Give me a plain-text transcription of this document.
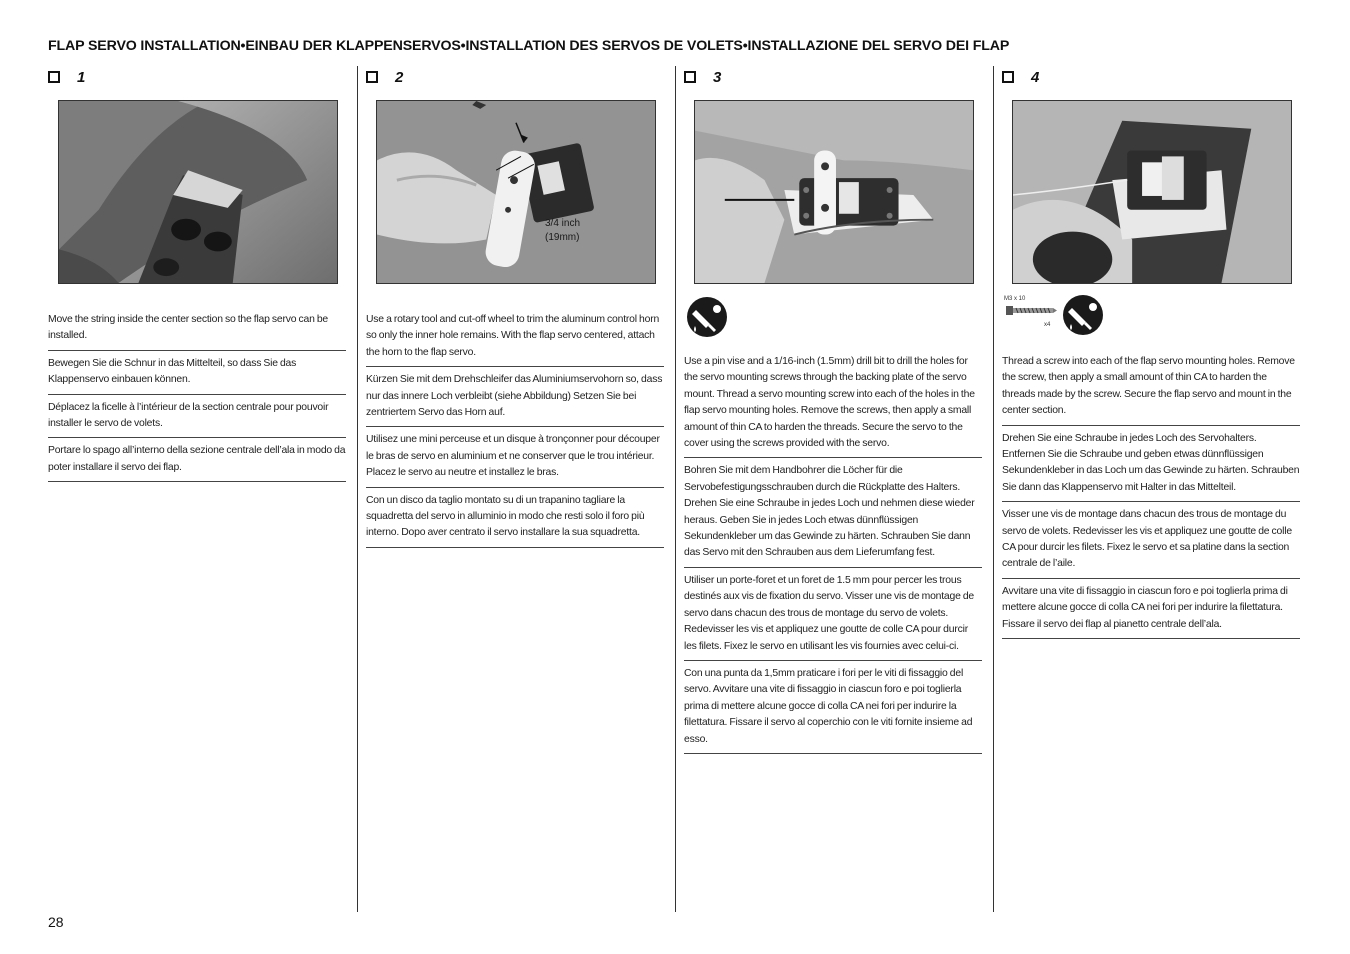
FLAP SERVO INSTALLATION•EINBAU DER KLAPPENSERVOS•INSTALLATION DES SERVOS DE VOLETS•INSTALLAZIONE DEL SERVO DEI FLAP
1
Move the string inside the center section so the flap servo can be installed.
Bewegen Sie die Schnur in das Mittelteil, so dass Sie das Klappenservo einbauen können.
Déplacez la ficelle à l’intérieur de la section centrale pour pouvoir installer le servo de volets.
Portare lo spago all’interno della sezione centrale dell’ala in modo da poter installare il servo dei flap.
2
3/4 inch
(19mm)
Use a rotary tool and cut-off wheel to trim the aluminum control horn so only the inner hole remains. With the flap servo centered, attach the horn to the flap servo.
Kürzen Sie mit dem Drehschleifer das Aluminiumservohorn so, dass nur das innere Loch verbleibt (siehe Abbildung) Setzen Sie bei zentriertem Servo das Horn auf.
Utilisez une mini perceuse et un disque à tronçonner pour découper le bras de servo en aluminium et ne conserver que le trou intérieur. Placez le servo au neutre et installez le bras.
Con un disco da taglio montato su di un trapanino tagliare la squadretta del servo in alluminio in modo che resti solo il foro più interno. Dopo aver centrato il servo installare la sua squadretta.
3
Use a pin vise and a 1/16-inch (1.5mm) drill bit to drill the holes for the servo mounting screws through the backing plate of the servo mount. Thread a servo mounting screw into each of the holes in the flap servo mounting holes. Remove the screws, then apply a small amount of thin CA to harden the threads. Secure the servo to the cover using the screws provided with the servo.
Bohren Sie mit dem Handbohrer die Löcher für die Servobefestigungsschrauben durch die Rückplatte des Halters. Drehen Sie eine Schraube in jedes Loch und nehmen diese wieder heraus. Geben Sie in jedes Loch etwas dünnflüssigen Sekundenkleber um das Gewinde zu härten. Schrauben Sie dann das Servo mit den Schrauben aus dem Lieferumfang fest.
Utiliser un porte-foret et un foret de 1.5 mm pour percer les trous destinés aux vis de fixation du servo. Visser une vis de montage de servo dans chacun des trous de montage du servo de volets. Redevisser les vis et appliquez une goutte de colle CA pour durcir les filets. Fixez le servo en utilisant les vis fournies avec celui-ci.
Con una punta da 1,5mm praticare i fori per le viti di fissaggio del servo. Avvitare una vite di fissaggio in ciascun foro e poi toglierla prima di mettere alcune gocce di colla CA nei fori per indurire la filettatura. Fissare il servo al coperchio con le viti fornite insieme ad esso.
4
M3 x 10
x4
Thread a screw into each of the flap servo mounting holes. Remove the screw, then apply a small amount of thin CA to harden the threads made by the screw. Secure the flap servo and mount in the center section.
Drehen Sie eine Schraube in jedes Loch des Servohalters. Entfernen Sie die Schraube und geben etwas dünnflüssigen Sekundenkleber in das Loch um das Gewinde zu härten. Schrauben Sie dann das Klappenservo mit Halter in das Mittelteil.
Visser une vis de montage dans chacun des trous de montage du servo de volets. Redevisser les vis et appliquez une goutte de colle CA pour durcir les filets. Fixez le servo et sa platine dans la section centrale de l’aile.
Avvitare una vite di fissaggio in ciascun foro e poi toglierla prima di mettere alcune gocce di colla CA nei fori per indurire la filettatura. Fissare il servo dei flap al pianetto centrale dell’ala.
28
